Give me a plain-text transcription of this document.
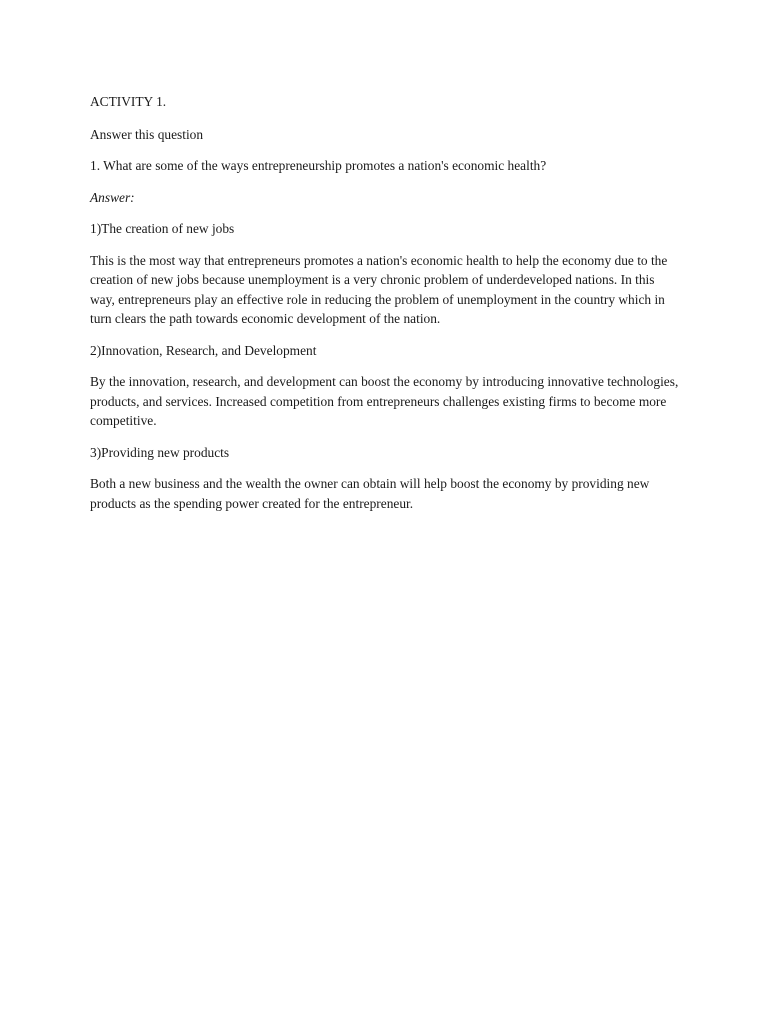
ACTIVITY 1.
Answer this question
1. What are some of the ways entrepreneurship promotes a nation's economic health?
Answer:
1)The creation of new jobs
This is the most way that entrepreneurs promotes a nation's economic health to help the economy due to the creation of new jobs because unemployment is a very chronic problem of underdeveloped nations. In this way, entrepreneurs play an effective role in reducing the problem of unemployment in the country which in turn clears the path towards economic development of the nation.
2)Innovation, Research, and Development
By the innovation, research, and development can boost the economy by introducing innovative technologies, products, and services. Increased competition from entrepreneurs challenges existing firms to become more competitive.
3)Providing new products
Both a new business and the wealth the owner can obtain will help boost the economy by providing new products as the spending power created for the entrepreneur.
